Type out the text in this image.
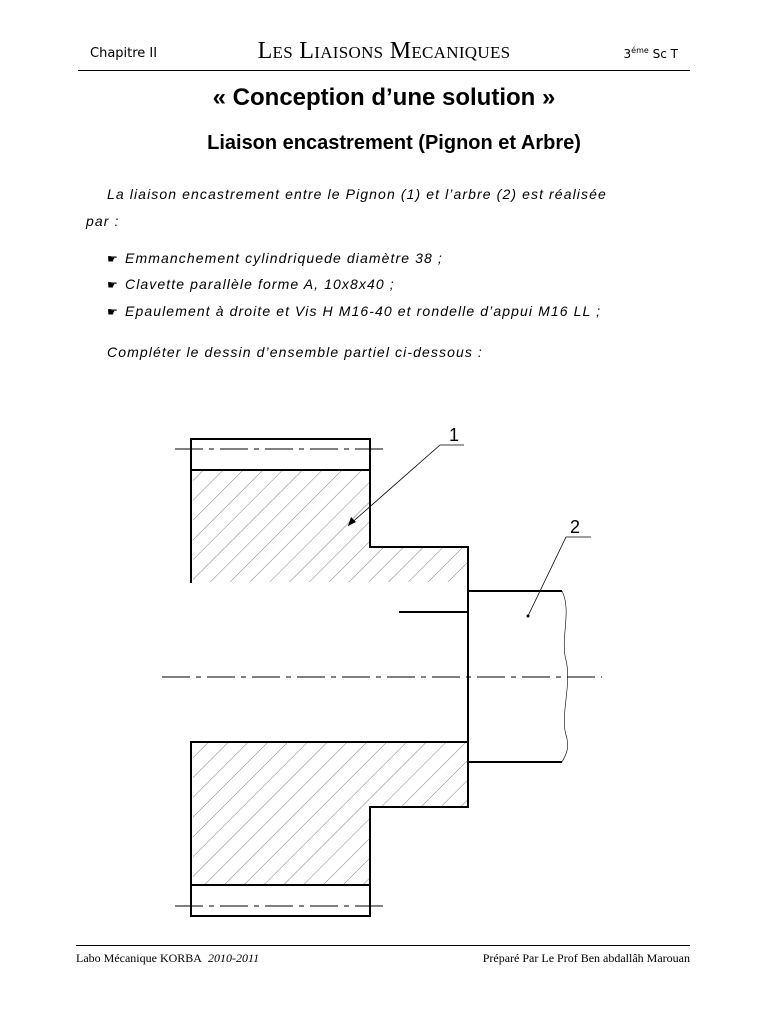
Chapitre II	Les Liaisons Mecaniques	$3^{éme}$ Sc T
« Conception d’une solution »
Liaison encastrement (Pignon et Arbre)
La liaison encastrement entre le Pignon (1) et l’arbre (2) est réalisée
par :
☛ Emmanchement cylindriquede diamètre 38 ;
☛ Clavette parallèle forme A, 10x8x40 ;
☛ Epaulement à droite et Vis H M16-40 et rondelle d’appui M16 LL ;
Compléter le dessin d’ensemble partiel ci-dessous :
1
2
Labo Mécanique KORBA 2010-2011	Préparé Par Le Prof Ben abdallâh Marouan
